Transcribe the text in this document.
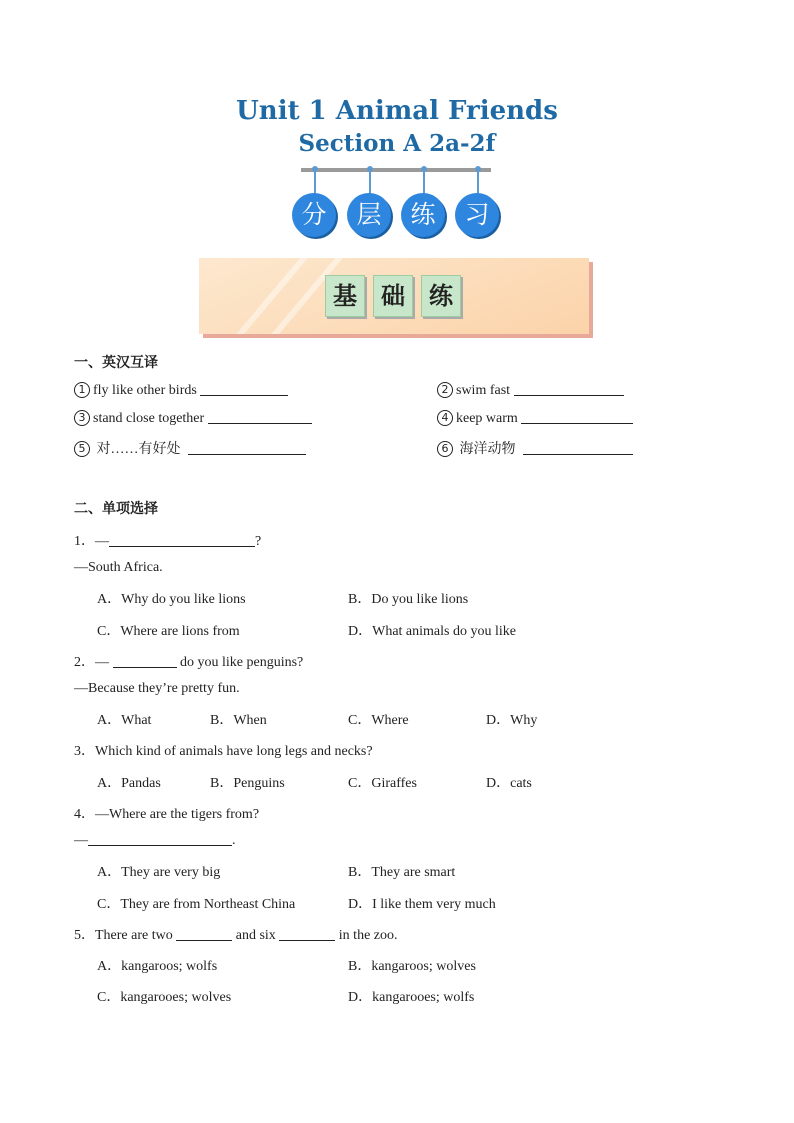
Unit 1 Animal Friends
Section A 2a-2f
分	层	练	习
基	础	练
一、英汉互译
1 fly like other birds	2 swim fast
3 stand close together	4 keep warm
5 对……有好处	6 海洋动物
二、单项选择
1．—	?
—South Africa.
A．Why do you like lions	B．Do you like lions
C．Where are lions from	D．What animals do you like
2．—	do you like penguins?
—Because they’re pretty fun.
A．What	B．When	C．Where	D．Why
3．Which kind of animals have long legs and necks?
A．Pandas	B．Penguins	C．Giraffes	D．cats
4．—Where are the tigers from?
—	.
A．They are very big	B．They are smart
C．They are from Northeast China	D．I like them very much
5．There are two	and six	in the zoo.
A．kangaroos; wolfs	B．kangaroos; wolves
C．kangarooes; wolves	D．kangarooes; wolfs
